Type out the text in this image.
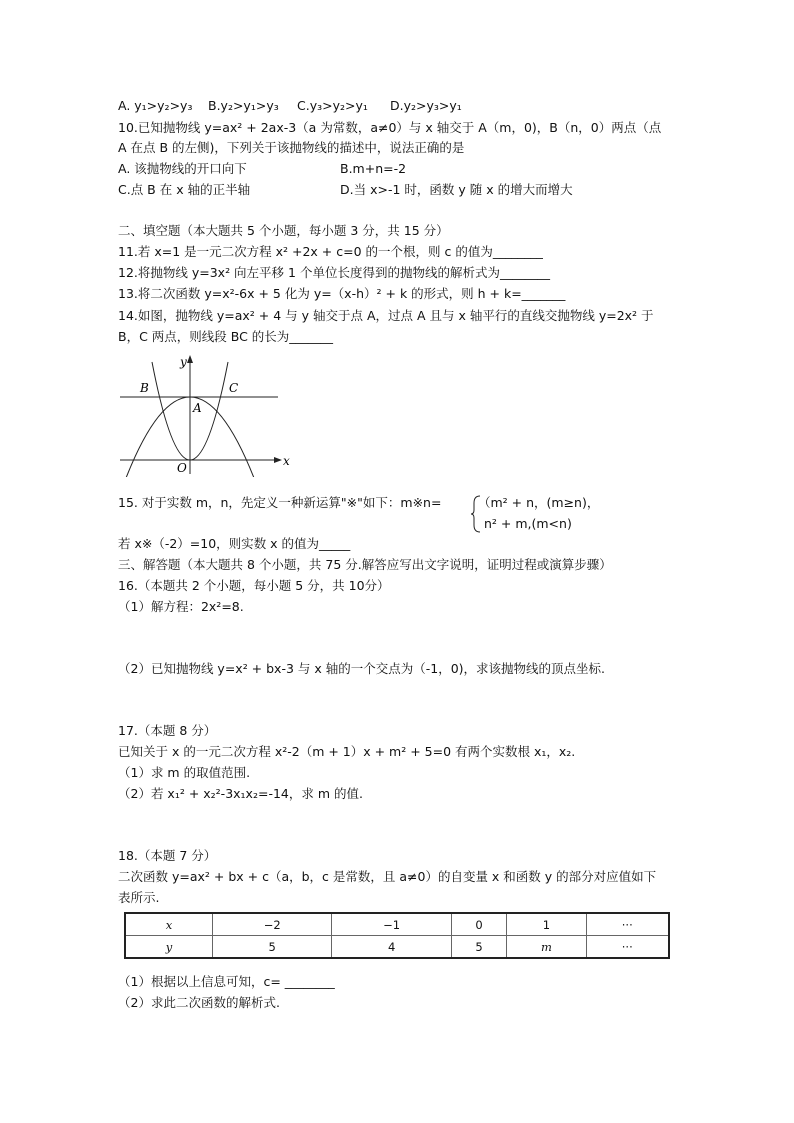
A. y₁>y₂>y₃ B.y₂>y₁>y₃ C.y₃>y₂>y₁ D.y₂>y₃>y₁
10.已知抛物线 y=ax² + 2ax-3（a 为常数，a≠0）与 x 轴交于 A（m，0)，B（n，0）两点（点
A 在点 B 的左侧)，下列关于该抛物线的描述中，说法正确的是
A. 该抛物线的开口向下	B.m+n=-2
C.点 B 在 x 轴的正半轴	D.当 x>-1 时，函数 y 随 x 的增大而增大
二、填空题（本大题共 5 个小题，每小题 3 分，共 15 分）
11.若 x=1 是一元二次方程 x² +2x + c=0 的一个根，则 c 的值为________
12.将抛物线 y=3x² 向左平移 1 个单位长度得到的抛物线的解析式为________
13.将二次函数 y=x²-6x + 5 化为 y=（x-h）² + k 的形式，则 h + k=_______
14.如图，抛物线 y=ax² + 4 与 y 轴交于点 A，过点 A 且与 x 轴平行的直线交抛物线 y=2x² 于
B，C 两点，则线段 BC 的长为_______
y
x
O
A
B	C
15. 对于实数 m，n，先定义一种新运算"※"如下：m※n=	（m² + n，(m≥n)，
n² + m,(m<n)
若 x※（-2）=10，则实数 x 的值为_____
三、解答题（本大题共 8 个小题，共 75 分.解答应写出文字说明，证明过程或演算步骤）
16.（本题共 2 个小题，每小题 5 分，共 10分）
（1）解方程：2x²=8.
（2）已知抛物线 y=x² + bx-3 与 x 轴的一个交点为（-1，0)，求该抛物线的顶点坐标.
17.（本题 8 分）
已知关于 x 的一元二次方程 x²-2（m + 1）x + m² + 5=0 有两个实数根 x₁，x₂.
（1）求 m 的取值范围.
（2）若 x₁² + x₂²-3x₁x₂=-14，求 m 的值.
18.（本题 7 分）
二次函数 y=ax² + bx + c（a，b，c 是常数，且 a≠0）的自变量 x 和函数 y 的部分对应值如下
表所示.
x	−2	−1	0	1	···
y	5	4	5	m	···
（1）根据以上信息可知，c= ________
（2）求此二次函数的解析式.
